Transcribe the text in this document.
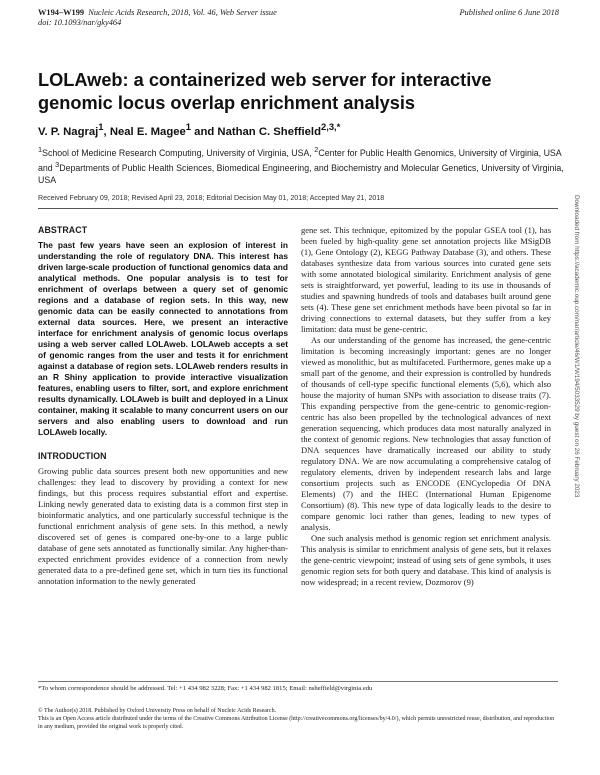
W194–W199 Nucleic Acids Research, 2018, Vol. 46, Web Server issue	Published online 6 June 2018
doi: 10.1093/nar/gky464
LOLAweb: a containerized web server for interactive genomic locus overlap enrichment analysis
V. P. Nagraj$^1$, Neal E. Magee$^1$ and Nathan C. Sheffield$^{2,3,*}$
$^1$School of Medicine Research Computing, University of Virginia, USA, $^2$Center for Public Health Genomics, University of Virginia, USA and $^3$Departments of Public Health Sciences, Biomedical Engineering, and Biochemistry and Molecular Genetics, University of Virginia, USA
Received February 09, 2018; Revised April 23, 2018; Editorial Decision May 01, 2018; Accepted May 21, 2018
ABSTRACT

The past few years have seen an explosion of interest in understanding the role of regulatory DNA. This interest has driven large-scale production of functional genomics data and analytical methods. One popular analysis is to test for enrichment of overlaps between a query set of genomic regions and a database of region sets. In this way, new genomic data can be easily connected to annotations from external data sources. Here, we present an interactive interface for enrichment analysis of genomic locus overlaps using a web server called LOLAweb. LOLAweb accepts a set of genomic ranges from the user and tests it for enrichment against a database of region sets. LOLAweb renders results in an R Shiny application to provide interactive visualization features, enabling users to filter, sort, and explore enrichment results dynamically. LOLAweb is built and deployed in a Linux container, making it scalable to many concurrent users on our servers and also enabling users to download and run LOLAweb locally.

INTRODUCTION

Growing public data sources present both new opportunities and new challenges: they lead to discovery by providing a context for new findings, but this process requires substantial effort and expertise. Linking newly generated data to existing data is a common first step in bioinformatic analytics, and one particularly successful technique is the functional enrichment analysis of gene sets. In this method, a newly discovered set of genes is compared one-by-one to a large public database of gene sets annotated as functionally similar. Any higher-than-expected enrichment provides evidence of a connection from newly generated data to a pre-defined gene set, which in turn ties its functional annotation information to the newly generated

gene set. This technique, epitomized by the popular GSEA tool (1), has been fueled by high-quality gene set annotation projects like MSigDB (1), Gene Ontology (2), KEGG Pathway Database (3), and others. These databases synthesize data from various sources into curated gene sets with some annotated biological similarity. Enrichment analysis of gene sets is straightforward, yet powerful, leading to its use in thousands of studies and spawning hundreds of tools and databases built around gene sets (4). These gene set enrichment methods have been pivotal so far in driving connections to external datasets, but they suffer from a key limitation: data must be gene-centric.

As our understanding of the genome has increased, the gene-centric limitation is becoming increasingly important: genes are no longer viewed as monolithic, but as multifaceted. Furthermore, genes make up a small part of the genome, and their expression is controlled by hundreds of thousands of cell-type specific functional elements (5,6), which also house the majority of human SNPs with association to disease traits (7). This expanding perspective from the gene-centric to genomic-region-centric has also been propelled by the technological advances of next generation sequencing, which produces data most naturally analyzed in the context of genomic regions. New technologies that assay function of DNA sequences have dramatically increased our ability to study regulatory DNA. We are now accumulating a comprehensive catalog of regulatory elements, driven by independent research labs and large consortium projects such as ENCODE (ENCyclopedia Of DNA Elements) (7) and the IHEC (International Human Epigenome Consortium) (8). This new type of data logically leads to the desire to compare genomic loci rather than genes, leading to new types of analysis.

One such analysis method is genomic region set enrichment analysis. This analysis is similar to enrichment analysis of gene sets, but it relaxes the gene-centric viewpoint; instead of using sets of gene symbols, it uses genomic region sets for both query and database. This kind of analysis is now widespread; in a recent review, Dozmorov (9)

*To whom correspondence should be addressed. Tel: +1 434 982 3228; Fax: +1 434 982 1815; Email: nsheffield@virginia.edu
© The Author(s) 2018. Published by Oxford University Press on behalf of Nucleic Acids Research.
This is an Open Access article distributed under the terms of the Creative Commons Attribution License (http://creativecommons.org/licenses/by/4.0/), which permits unrestricted reuse, distribution, and reproduction in any medium, provided the original work is properly cited.
Downloaded from https://academic.oup.com/nar/article/46/W1/W194/5033529 by guest on 26 February 2023
